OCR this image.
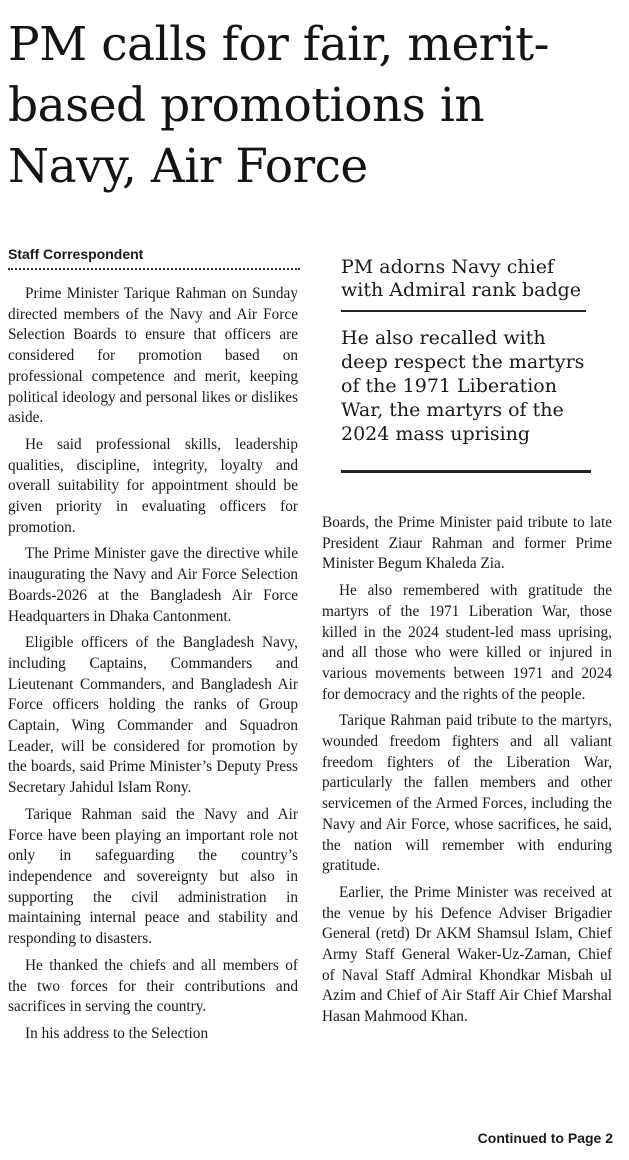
PM calls for fair, merit-based promotions in Navy, Air Force
Staff Correspondent

Prime Minister Tarique Rahman on Sunday directed members of the Navy and Air Force Selection Boards to ensure that officers are considered for promotion based on professional competence and merit, keeping political ideology and personal likes or dislikes aside.

He said professional skills, leadership qualities, discipline, integrity, loyalty and overall suitability for appointment should be given priority in evaluating officers for promotion.

The Prime Minister gave the directive while inaugurating the Navy and Air Force Selection Boards-2026 at the Bangladesh Air Force Headquarters in Dhaka Cantonment.

Eligible officers of the Bangladesh Navy, including Captains, Commanders and Lieutenant Commanders, and Bangladesh Air Force officers holding the ranks of Group Captain, Wing Commander and Squadron Leader, will be considered for promotion by the boards, said Prime Minister’s Deputy Press Secretary Jahidul Islam Rony.

Tarique Rahman said the Navy and Air Force have been playing an important role not only in safeguarding the country’s independence and sovereignty but also in supporting the civil administration in maintaining internal peace and stability and responding to disasters.

He thanked the chiefs and all members of the two forces for their contributions and sacrifices in serving the country.

In his address to the Selection

PM adorns Navy chief with Admiral rank badge
He also recalled with deep respect the martyrs of the 1971 Liberation War, the martyrs of the 2024 mass uprising

Boards, the Prime Minister paid tribute to late President Ziaur Rahman and former Prime Minister Begum Khaleda Zia.

He also remembered with gratitude the martyrs of the 1971 Liberation War, those killed in the 2024 student-led mass uprising, and all those who were killed or injured in various movements between 1971 and 2024 for democracy and the rights of the people.

Tarique Rahman paid tribute to the martyrs, wounded freedom fighters and all valiant freedom fighters of the Liberation War, particularly the fallen members and other servicemen of the Armed Forces, including the Navy and Air Force, whose sacrifices, he said, the nation will remember with enduring gratitude.

Earlier, the Prime Minister was received at the venue by his Defence Adviser Brigadier General (retd) Dr AKM Shamsul Islam, Chief Army Staff General Waker-Uz-Zaman, Chief of Naval Staff Admiral Khondkar Misbah ul Azim and Chief of Air Staff Air Chief Marshal Hasan Mahmood Khan.

Continued to Page 2
